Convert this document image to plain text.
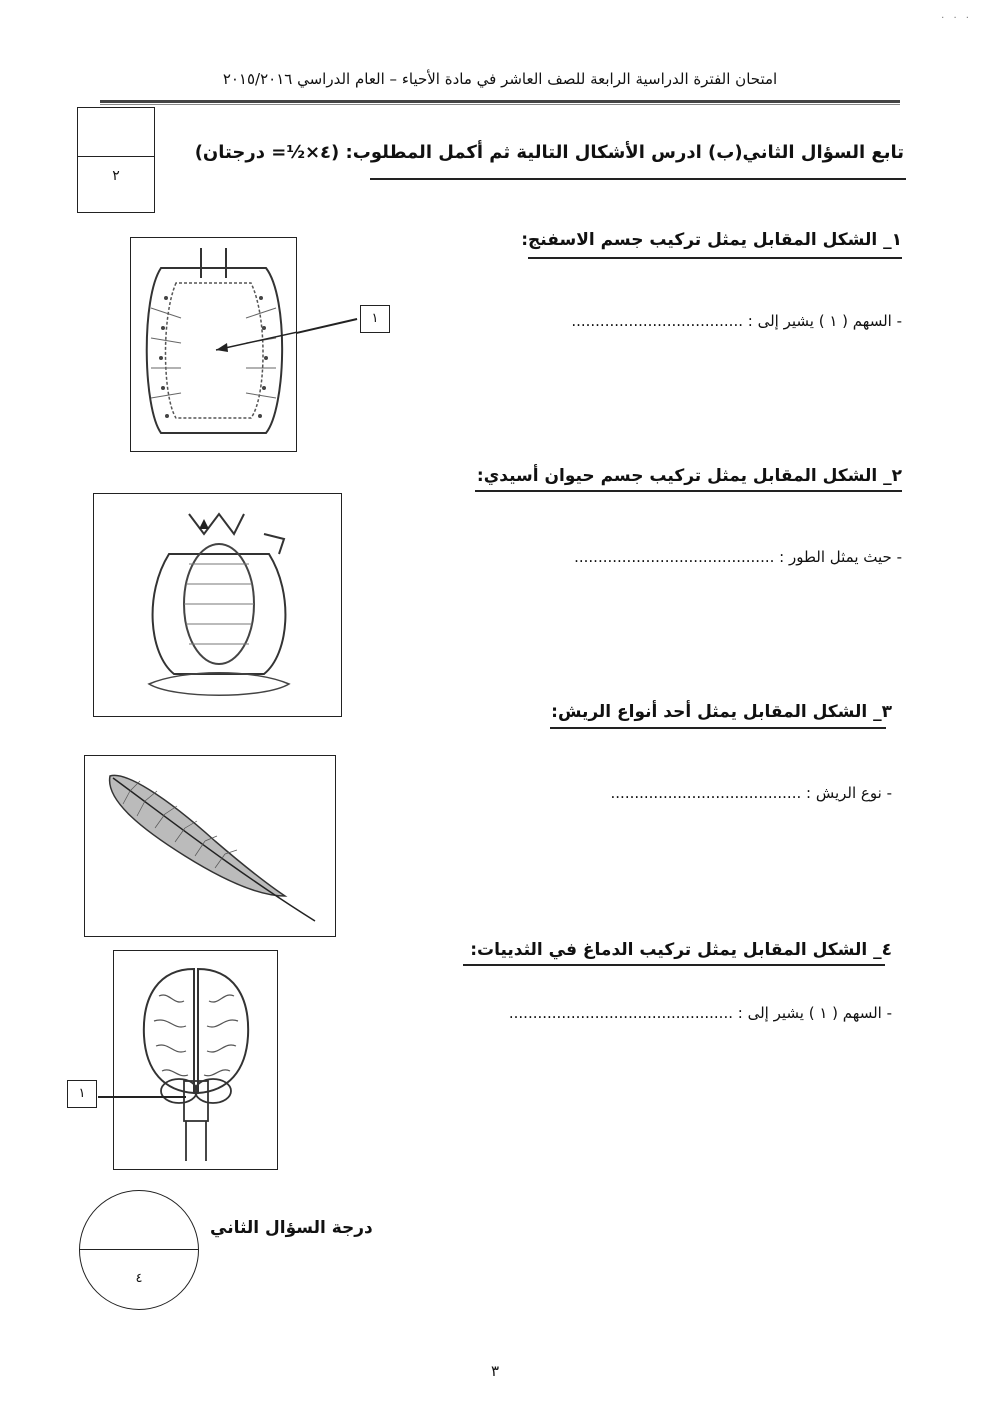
. . .
امتحان الفترة الدراسية الرابعة للصف العاشر في مادة الأحياء – العام الدراسي ٢٠١٥/٢٠١٦
٢
تابع السؤال الثاني(ب) ادرس الأشكال التالية ثم أكمل المطلوب: (٤×½= درجتان)
١_ الشكل المقابل يمثل تركيب جسم الاسفنج:
- السهم ( ١ ) يشير إلى : ....................................
١
٢_ الشكل المقابل يمثل تركيب جسم حيوان أسيدي:
- حيث يمثل الطور : ..........................................
٣_ الشكل المقابل يمثل أحد أنواع الريش:
- نوع الريش : ........................................
٤_ الشكل المقابل يمثل تركيب الدماغ في الثدييات:
- السهم ( ١ ) يشير إلى : ...............................................
١
٤
درجة السؤال الثاني
٣
